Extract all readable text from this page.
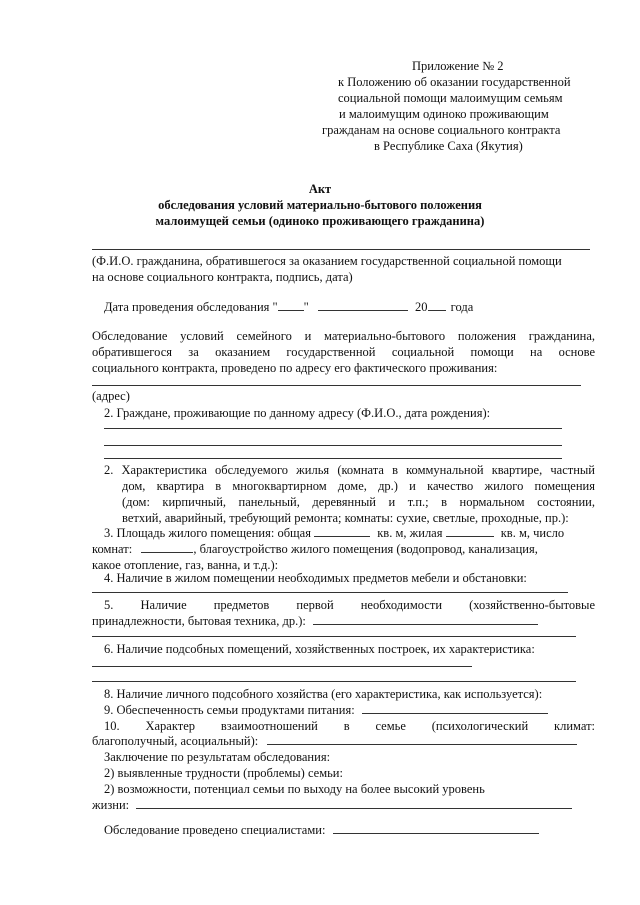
Приложение № 2
к Положению об оказании государственной
социальной помощи малоимущим семьям
и малоимущим одиноко проживающим
гражданам на основе социального контракта
в Республике Саха (Якутия)
Акт
обследования условий материально-бытового положения
малоимущей семьи (одиноко проживающего гражданина)
(Ф.И.О. гражданина, обратившегося за оказанием государственной социальной помощи
на основе социального контракта, подпись, дата)
Дата проведения обследования " "	20 года
Обследование условий семейного и материально-бытового положения гражданина,
обратившегося за оказанием государственной социальной помощи на основе
социального контракта, проведено по адресу его фактического проживания:
(адрес)
2. Граждане, проживающие по данному адресу (Ф.И.О., дата рождения):
2. Характеристика обследуемого жилья (комната в коммунальной квартире, частный
дом, квартира в многоквартирном доме, др.) и качество жилого помещения
(дом: кирпичный, панельный, деревянный и т.п.; в нормальном состоянии,
ветхий, аварийный, требующий ремонта; комнаты: сухие, светлые, проходные, пр.):
3. Площадь жилого помещения: общая	кв. м, жилая	кв. м, число
комнат:	, благоустройство жилого помещения (водопровод, канализация,
какое отопление, газ, ванна, и т.д.):
4. Наличие в жилом помещении необходимых предметов мебели и обстановки:
5. Наличие предметов первой необходимости (хозяйственно-бытовые
принадлежности, бытовая техника, др.):
6. Наличие подсобных помещений, хозяйственных построек, их характеристика:
8. Наличие личного подсобного хозяйства (его характеристика, как используется):
9. Обеспеченность семьи продуктами питания:
10. Характер взаимоотношений в семье (психологический климат:
благополучный, асоциальный):
Заключение по результатам обследования:
2) выявленные трудности (проблемы) семьи:
2) возможности, потенциал семьи по выходу на более высокий уровень
жизни:
Обследование проведено специалистами:
